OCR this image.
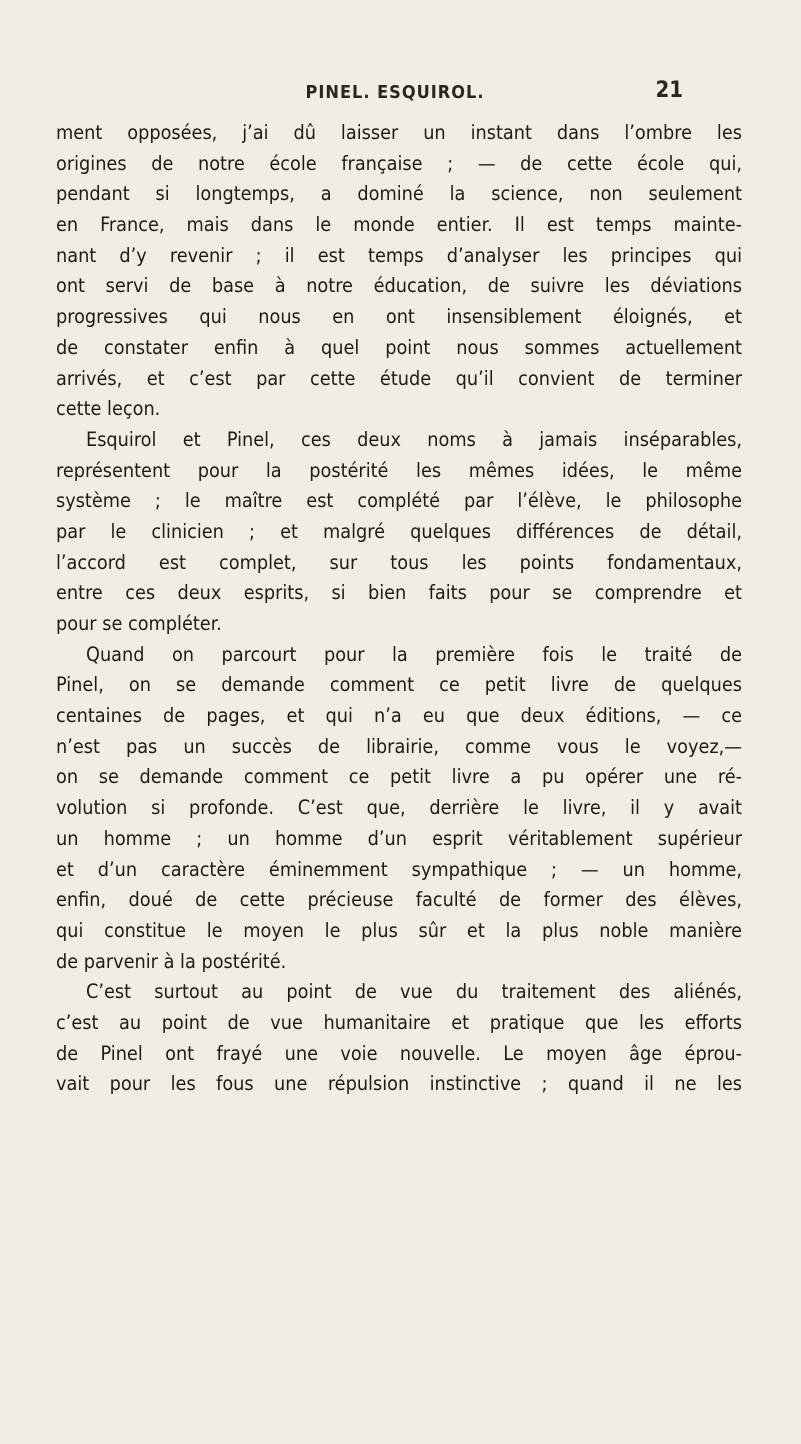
PINEL. ESQUIROL.	21
ment opposées, j’ai dû laisser un instant dans l’ombre les
origines de notre école française ; — de cette école qui,
pendant si longtemps, a dominé la science, non seulement
en France, mais dans le monde entier. Il est temps mainte-
nant d’y revenir ; il est temps d’analyser les principes qui
ont servi de base à notre éducation, de suivre les déviations
progressives qui nous en ont insensiblement éloignés, et
de constater enfin à quel point nous sommes actuellement
arrivés, et c’est par cette étude qu’il convient de terminer
cette leçon.
Esquirol et Pinel, ces deux noms à jamais inséparables,
représentent pour la postérité les mêmes idées, le même
système ; le maître est complété par l’élève, le philosophe
par le clinicien ; et malgré quelques différences de détail,
l’accord est complet, sur tous les points fondamentaux,
entre ces deux esprits, si bien faits pour se comprendre et
pour se compléter.
Quand on parcourt pour la première fois le traité de
Pinel, on se demande comment ce petit livre de quelques
centaines de pages, et qui n’a eu que deux éditions, — ce
n’est pas un succès de librairie, comme vous le voyez,—
on se demande comment ce petit livre a pu opérer une ré-
volution si profonde. C’est que, derrière le livre, il y avait
un homme ; un homme d’un esprit véritablement supérieur
et d’un caractère éminemment sympathique ; — un homme,
enfin, doué de cette précieuse faculté de former des élèves,
qui constitue le moyen le plus sûr et la plus noble manière
de parvenir à la postérité.
C’est surtout au point de vue du traitement des aliénés,
c’est au point de vue humanitaire et pratique que les efforts
de Pinel ont frayé une voie nouvelle. Le moyen âge éprou-
vait pour les fous une répulsion instinctive ; quand il ne les
